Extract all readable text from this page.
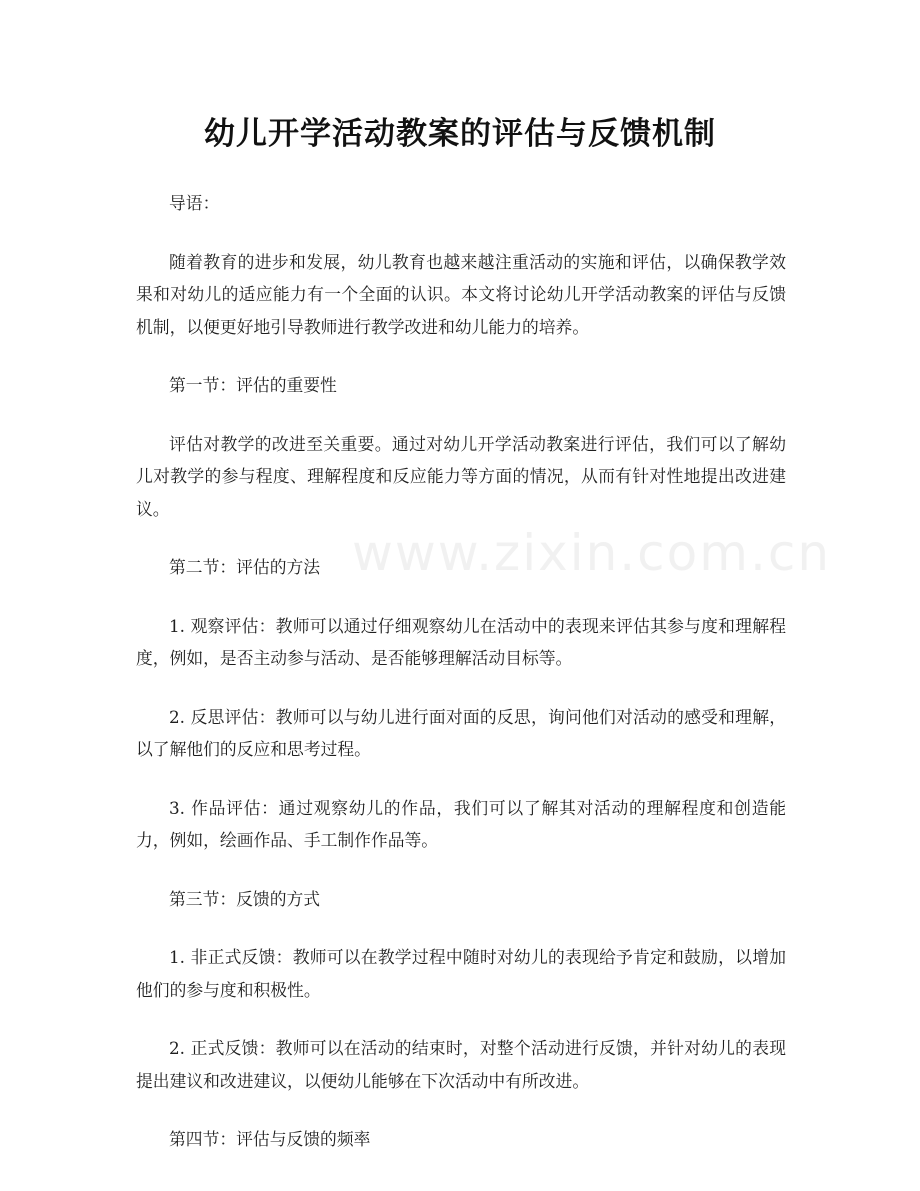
幼儿开学活动教案的评估与反馈机制

导语：

随着教育的进步和发展，幼儿教育也越来越注重活动的实施和评估，以确保教学效果和对幼儿的适应能力有一个全面的认识。本文将讨论幼儿开学活动教案的评估与反馈机制，以便更好地引导教师进行教学改进和幼儿能力的培养。

第一节：评估的重要性

评估对教学的改进至关重要。通过对幼儿开学活动教案进行评估，我们可以了解幼儿对教学的参与程度、理解程度和反应能力等方面的情况，从而有针对性地提出改进建议。

第二节：评估的方法

1. 观察评估：教师可以通过仔细观察幼儿在活动中的表现来评估其参与度和理解程度，例如，是否主动参与活动、是否能够理解活动目标等。

2. 反思评估：教师可以与幼儿进行面对面的反思，询问他们对活动的感受和理解，以了解他们的反应和思考过程。

3. 作品评估：通过观察幼儿的作品，我们可以了解其对活动的理解程度和创造能力，例如，绘画作品、手工制作作品等。

第三节：反馈的方式

1. 非正式反馈：教师可以在教学过程中随时对幼儿的表现给予肯定和鼓励，以增加他们的参与度和积极性。

2. 正式反馈：教师可以在活动的结束时，对整个活动进行反馈，并针对幼儿的表现提出建议和改进建议，以便幼儿能够在下次活动中有所改进。

第四节：评估与反馈的频率

www.zixin.com.cn
